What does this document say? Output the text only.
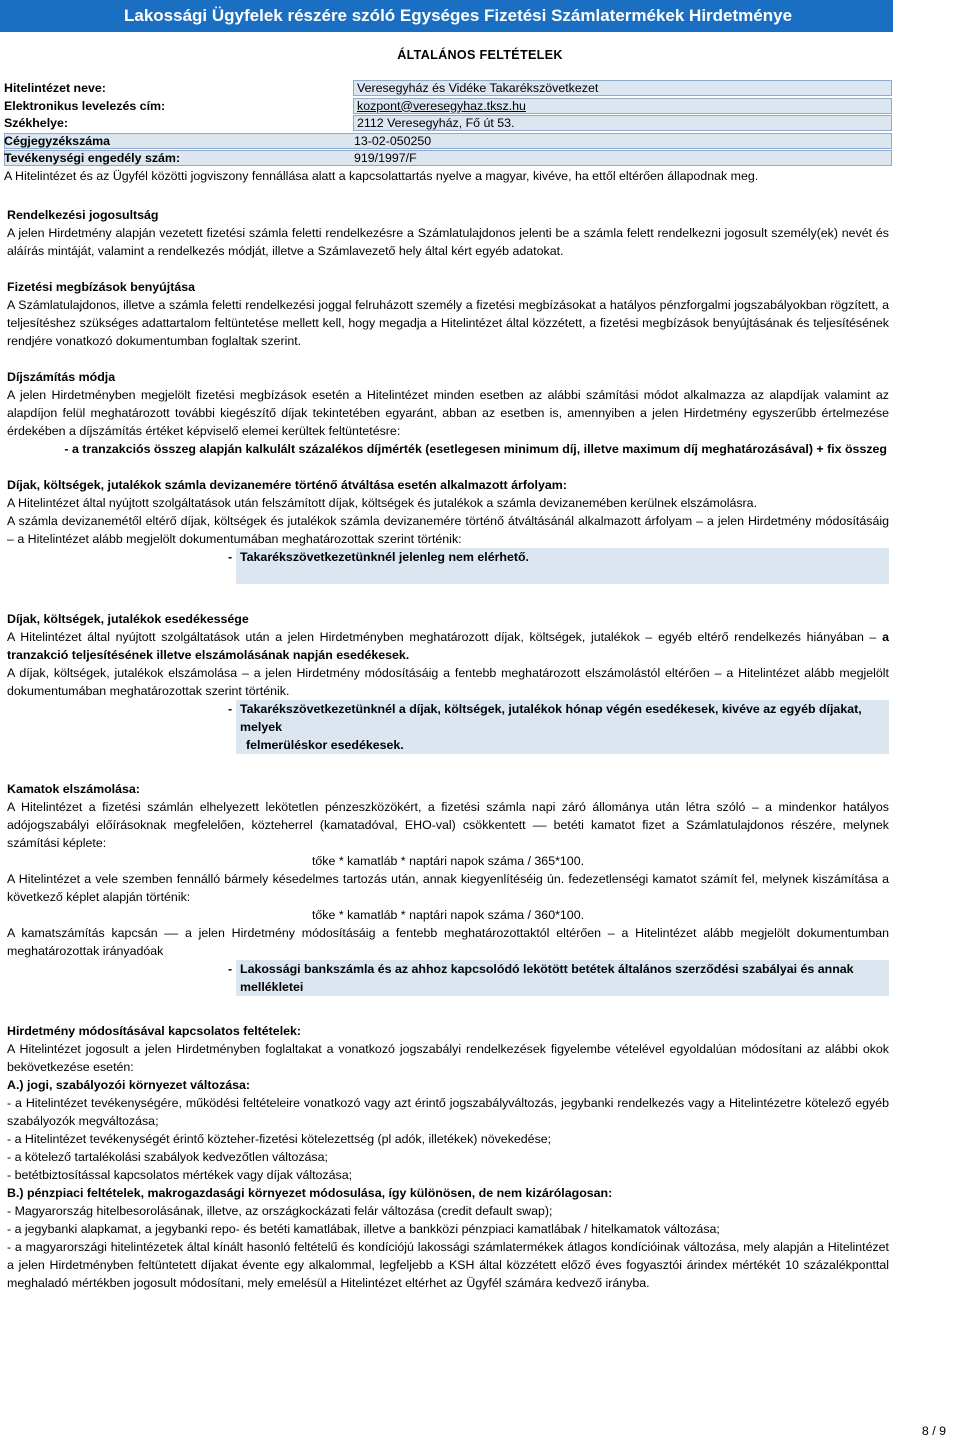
Lakossági Ügyfelek részére szóló Egységes Fizetési Számlatermékek Hirdetménye
ÁLTALÁNOS FELTÉTELEK
Hitelintézet neve:	Veresegyház és Vidéke Takarékszövetkezet
Elektronikus levelezés cím:	kozpont@veresegyhaz.tksz.hu
2112 Veresegyház, Fő út 53.
Székhelye:
13-02-050250
Cégjegyzékszáma
919/1997/F
Tevékenységi engedély szám:
A Hitelintézet és az Ügyfél közötti jogviszony fennállása alatt a kapcsolattartás nyelve a magyar, kivéve, ha ettől eltérően állapodnak meg.

Rendelkezési jogosultság

A jelen Hirdetmény alapján vezetett fizetési számla feletti rendelkezésre a Számlatulajdonos jelenti be a számla felett rendelkezni jogosult személy(ek) nevét és aláírás mintáját, valamint a rendelkezés módját, illetve a Számlavezető hely által kért egyéb adatokat.

Fizetési megbízások benyújtása

A Számlatulajdonos, illetve a számla feletti rendelkezési joggal felruházott személy a fizetési megbízásokat a hatályos pénzforgalmi jogszabályokban rögzített, a teljesítéshez szükséges adattartalom feltüntetése mellett kell, hogy megadja a Hitelintézet által közzétett, a fizetési megbízások benyújtásának és teljesítésének rendjére vonatkozó dokumentumban foglaltak szerint.

Díjszámítás módja

A jelen Hirdetményben megjelölt fizetési megbízások esetén a Hitelintézet minden esetben az alábbi számítási módot alkalmazza az alapdíjak valamint az alapdíjon felül meghatározott további kiegészítő díjak tekintetében egyaránt, abban az esetben is, amennyiben a jelen Hirdetmény egyszerűbb értelmezése érdekében a díjszámítás értéket képviselő elemei kerültek feltüntetésre:

- a tranzakciós összeg alapján kalkulált százalékos díjmérték (esetlegesen minimum díj, illetve maximum díj meghatározásával) + fix összeg

Díjak, költségek, jutalékok számla devizanemére történő átváltása esetén alkalmazott árfolyam:

A Hitelintézet által nyújtott szolgáltatások után felszámított díjak, költségek és jutalékok a számla devizanemében kerülnek elszámolásra.

A számla devizanemétől eltérő díjak, költségek és jutalékok számla devizanemére történő átváltásánál alkalmazott árfolyam – a jelen Hirdetmény módosításáig – a Hitelintézet alább megjelölt dokumentumában meghatározottak szerint történik:

- Takarékszövetkezetünknél jelenleg nem elérhető.

Díjak, költségek, jutalékok esedékessége

A Hitelintézet által nyújtott szolgáltatások után a jelen Hirdetményben meghatározott díjak, költségek, jutalékok – egyéb eltérő rendelkezés hiányában – a tranzakció teljesítésének illetve elszámolásának napján esedékesek.

A díjak, költségek, jutalékok elszámolása – a jelen Hirdetmény módosításáig a fentebb meghatározott elszámolástól eltérően – a Hitelintézet alább megjelölt dokumentumában meghatározottak szerint történik.

- Takarékszövetkezetünknél a díjak, költségek, jutalékok hónap végén esedékesek, kivéve az egyéb díjakat, melyek
felmerüléskor esedékesek.

Kamatok elszámolása:

A Hitelintézet a fizetési számlán elhelyezett lekötetlen pénzeszközökért, a fizetési számla napi záró állománya után létra szóló – a mindenkor hatályos adójogszabályi előírásoknak megfelelően, közteherrel (kamatadóval, EHO-val) csökkentett –– betéti kamatot fizet a Számlatulajdonos részére, melynek számítási képlete:

tőke * kamatláb * naptári napok száma / 365*100.

A Hitelintézet a vele szemben fennálló bármely késedelmes tartozás után, annak kiegyenlítéséig ún. fedezetlenségi kamatot számít fel, melynek kiszámítása a következő képlet alapján történik:

tőke * kamatláb * naptári napok száma / 360*100.

A kamatszámítás kapcsán –– a jelen Hirdetmény módosításáig a fentebb meghatározottaktól eltérően – a Hitelintézet alább megjelölt dokumentumban meghatározottak irányadóak

- Lakossági bankszámla és az ahhoz kapcsolódó lekötött betétek általános szerződési szabályai és annak mellékletei

Hirdetmény módosításával kapcsolatos feltételek:

A Hitelintézet jogosult a jelen Hirdetményben foglaltakat a vonatkozó jogszabályi rendelkezések figyelembe vételével egyoldalúan módosítani az alábbi okok bekövetkezése esetén:

A.) jogi, szabályozói környezet változása:

- a Hitelintézet tevékenységére, működési feltételeire vonatkozó vagy azt érintő jogszabályváltozás, jegybanki rendelkezés vagy a Hitelintézetre kötelező egyéb szabályozók megváltozása;

- a Hitelintézet tevékenységét érintő közteher-fizetési kötelezettség (pl adók, illetékek) növekedése;

- a kötelező tartalékolási szabályok kedvezőtlen változása;

- betétbiztosítással kapcsolatos mértékek vagy díjak változása;

B.) pénzpiaci feltételek, makrogazdasági környezet módosulása, így különösen, de nem kizárólagosan:

- Magyarország hitelbesorolásának, illetve, az országkockázati felár változása (credit default swap);

- a jegybanki alapkamat, a jegybanki repo- és betéti kamatlábak, illetve a bankközi pénzpiaci kamatlábak / hitelkamatok változása;

- a magyarországi hitelintézetek által kínált hasonló feltételű és kondíciójú lakossági számlatermékek átlagos kondícióinak változása, mely alapján a Hitelintézet a jelen Hirdetményben feltüntetett díjakat évente egy alkalommal, legfeljebb a KSH által közzétett előző éves fogyasztói árindex mértékét 10 százalékponttal meghaladó mértékben jogosult módosítani, mely emelésül a Hitelintézet eltérhet az Ügyfél számára kedvező irányba.

8 / 9
